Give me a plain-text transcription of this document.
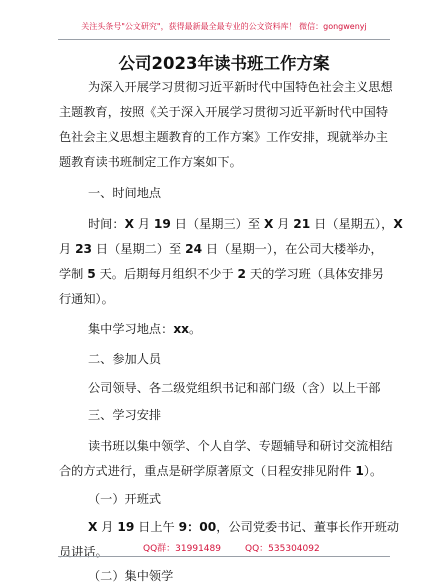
关注头条号"公文研究"，获得最新最全最专业的公文资料库！ 微信：gongwenyj
公司2023年读书班工作方案
为深入开展学习贯彻习近平新时代中国特色社会主义思想
主题教育，按照《关于深入开展学习贯彻习近平新时代中国特
色社会主义思想主题教育的工作方案》工作安排，现就举办主
题教育读书班制定工作方案如下。
一、时间地点
时间：X 月 19 日（星期三）至 X 月 21 日（星期五），X
月 23 日（星期二）至 24 日（星期一），在公司大楼举办，
学制 5 天。后期每月组织不少于 2 天的学习班（具体安排另
行通知）。
集中学习地点：xx。
二、参加人员
公司领导、各二级党组织书记和部门级（含）以上干部
三、学习安排
读书班以集中领学、个人自学、专题辅导和研讨交流相结
合的方式进行，重点是研学原著原文（日程安排见附件 1）。
（一）开班式
X 月 19 日上午 9：00，公司党委书记、董事长作开班动
员讲话。
（二）集中领学
QQ群：31991489	QQ：535304092
